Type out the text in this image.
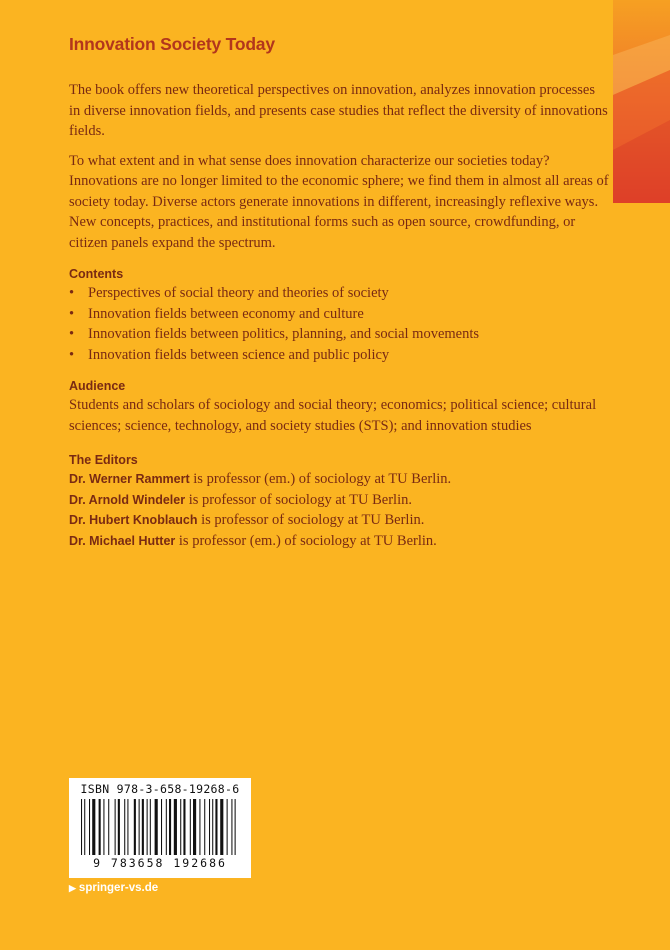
Innovation Society Today

The book offers new theoretical perspectives on innovation, analyzes innovation processes in diverse innovation fields, and presents case studies that reflect the diversity of innovations fields.

To what extent and in what sense does innovation characterize our societies today? Innovations are no longer limited to the economic sphere; we find them in almost all areas of society today. Diverse actors generate innovations in different, increasingly reflexive ways. New concepts, practices, and institutional forms such as open source, crowdfunding, or citizen panels expand the spectrum.

Contents
• Perspectives of social theory and theories of society
• Innovation fields between economy and culture
• Innovation fields between politics, planning, and social movements
• Innovation fields between science and public policy
Audience

Students and scholars of sociology and social theory; economics; political science; cultural sciences; science, technology, and society studies (STS); and innovation studies

The Editors
Dr. Werner Rammert is professor (em.) of sociology at TU Berlin.
Dr. Arnold Windeler is professor of sociology at TU Berlin.
Dr. Hubert Knoblauch is professor of sociology at TU Berlin.
Dr. Michael Hutter is professor (em.) of sociology at TU Berlin.
ISBN 978-3-658-19268-6
9 783658 192686
▶ springer-vs.de
